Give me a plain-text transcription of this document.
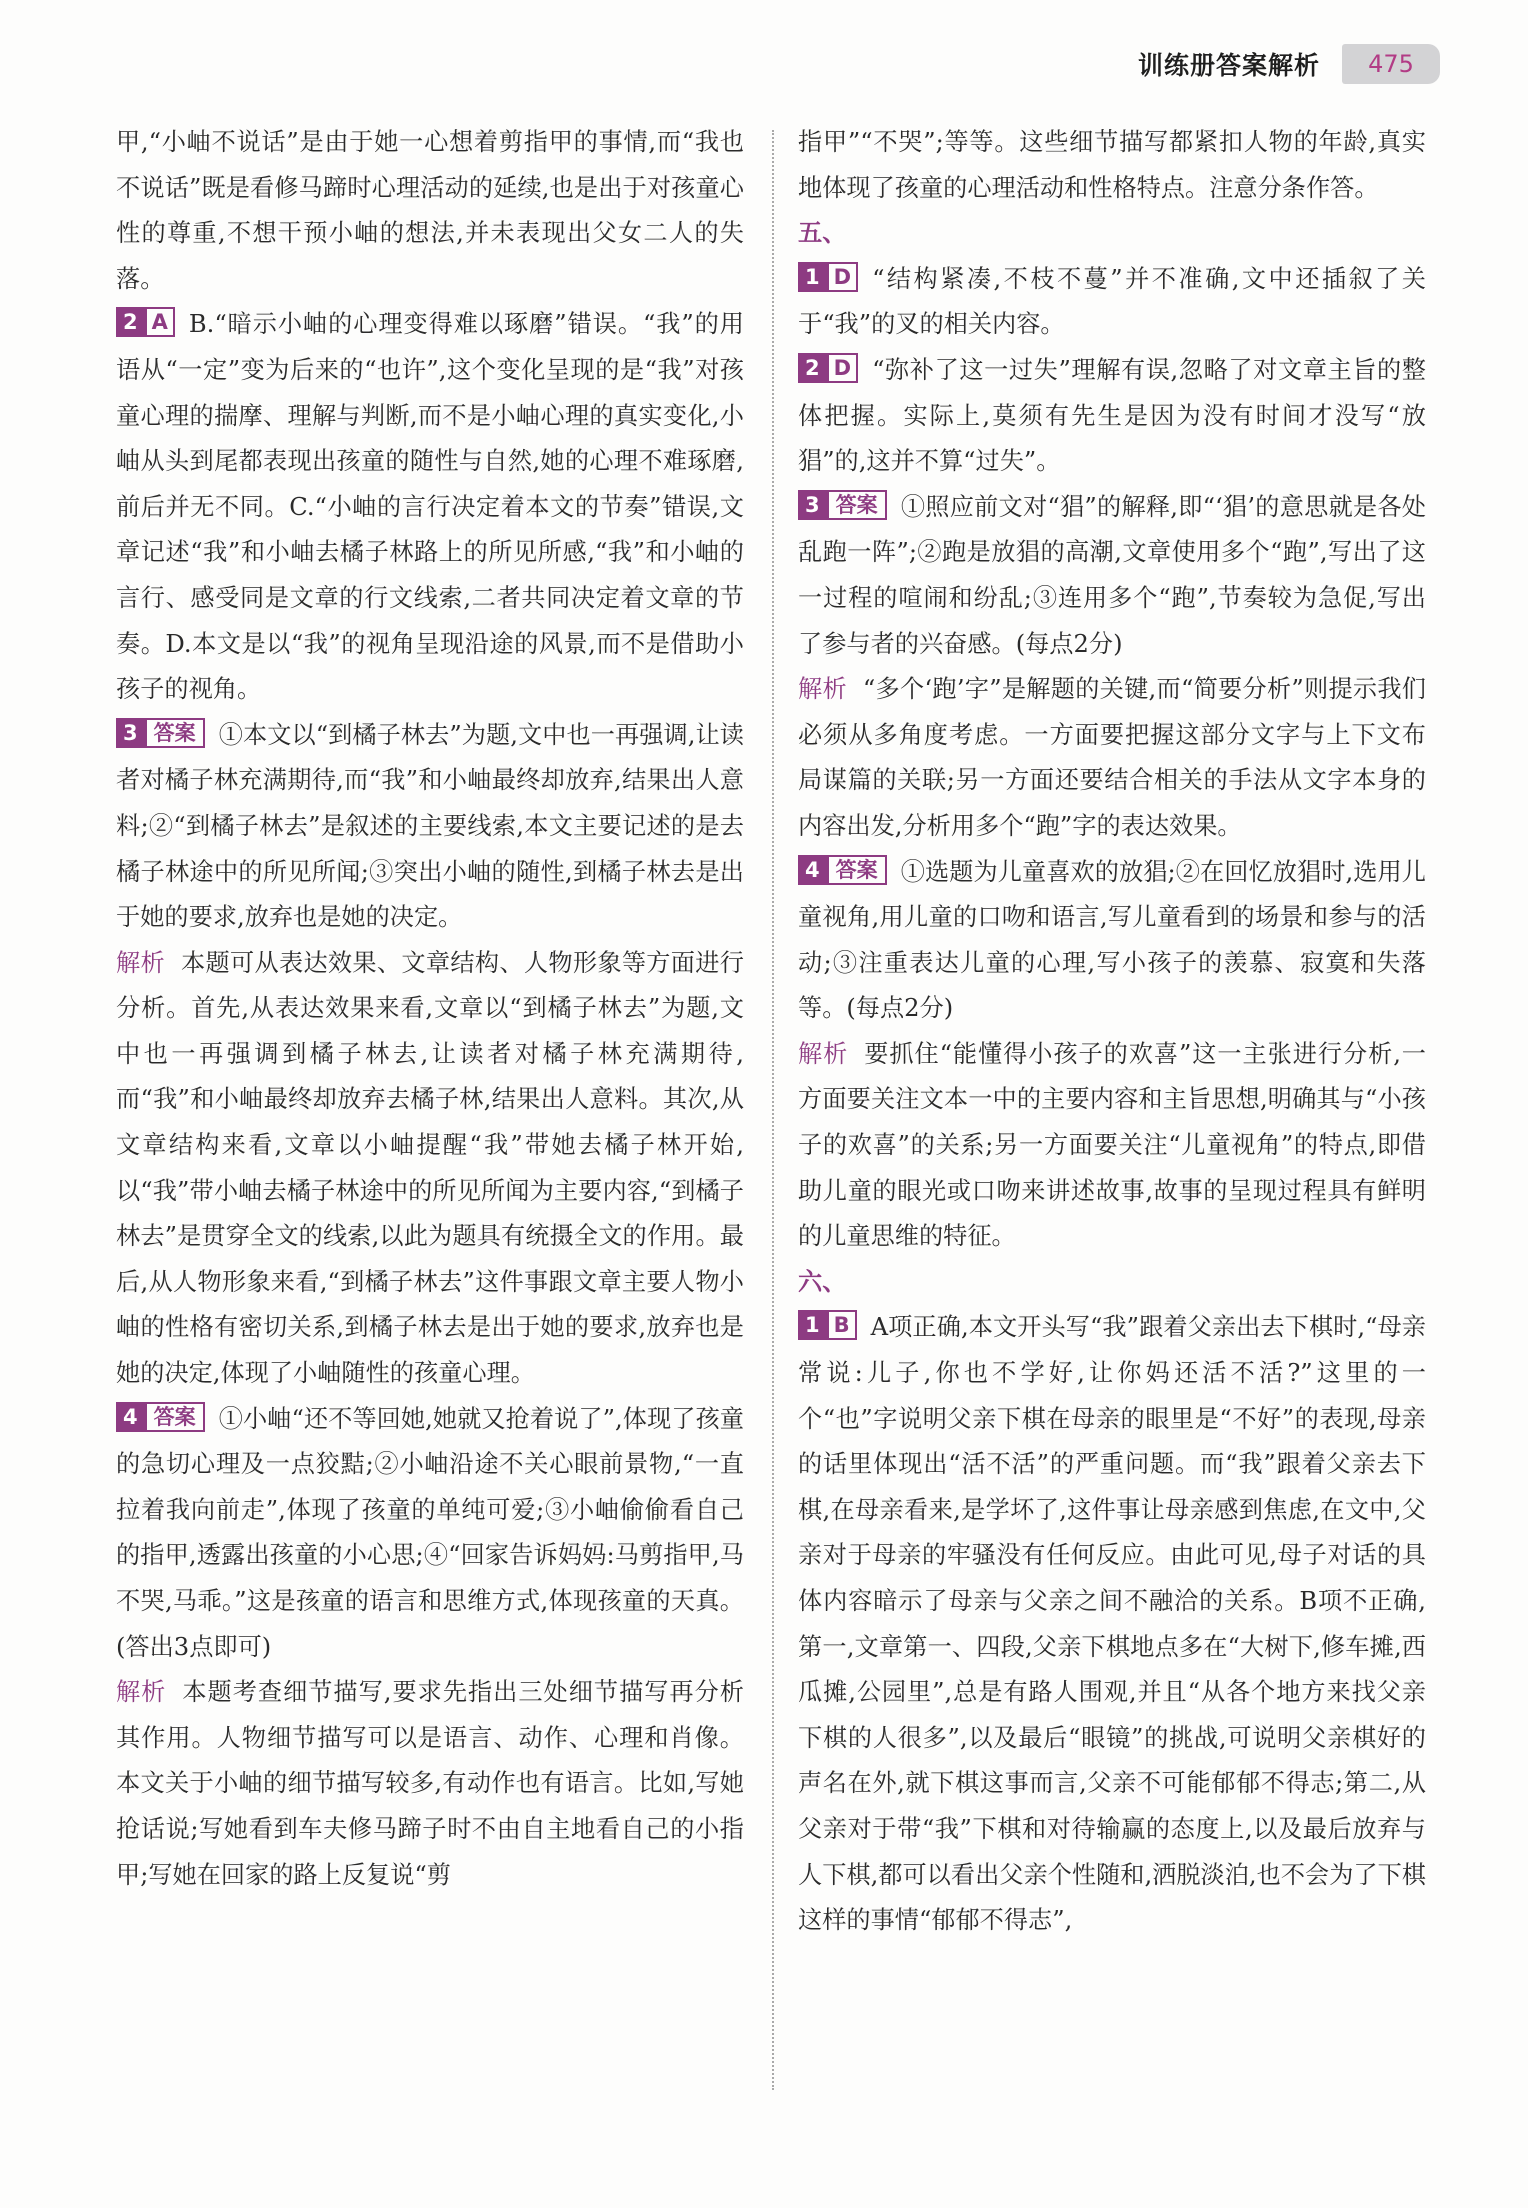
训练册答案解析	475

甲,“小岫不说话”是由于她一心想着剪指甲的事情,而“我也不说话”既是看修马蹄时心理活动的延续,也是出于对孩童心性的尊重,不想干预小岫的想法,并未表现出父女二人的失落。

2 A B.“暗示小岫的心理变得难以琢磨”错误。“我”的用语从“一定”变为后来的“也许”,这个变化呈现的是“我”对孩童心理的揣摩、理解与判断,而不是小岫心理的真实变化,小岫从头到尾都表现出孩童的随性与自然,她的心理不难琢磨,前后并无不同。C.“小岫的言行决定着本文的节奏”错误,文章记述“我”和小岫去橘子林路上的所见所感,“我”和小岫的言行、感受同是文章的行文线索,二者共同决定着文章的节奏。D.本文是以“我”的视角呈现沿途的风景,而不是借助小孩子的视角。

3 答案 ①本文以“到橘子林去”为题,文中也一再强调,让读者对橘子林充满期待,而“我”和小岫最终却放弃,结果出人意料;②“到橘子林去”是叙述的主要线索,本文主要记述的是去橘子林途中的所见所闻;③突出小岫的随性,到橘子林去是出于她的要求,放弃也是她的决定。

解析 本题可从表达效果、文章结构、人物形象等方面进行分析。首先,从表达效果来看,文章以“到橘子林去”为题,文中也一再强调到橘子林去,让读者对橘子林充满期待,而“我”和小岫最终却放弃去橘子林,结果出人意料。其次,从文章结构来看,文章以小岫提醒“我”带她去橘子林开始,以“我”带小岫去橘子林途中的所见所闻为主要内容,“到橘子林去”是贯穿全文的线索,以此为题具有统摄全文的作用。最后,从人物形象来看,“到橘子林去”这件事跟文章主要人物小岫的性格有密切关系,到橘子林去是出于她的要求,放弃也是她的决定,体现了小岫随性的孩童心理。

4 答案 ①小岫“还不等回她,她就又抢着说了”,体现了孩童的急切心理及一点狡黠;②小岫沿途不关心眼前景物,“一直拉着我向前走”,体现了孩童的单纯可爱;③小岫偷偷看自己的指甲,透露出孩童的小心思;④“回家告诉妈妈:马剪指甲,马不哭,马乖。”这是孩童的语言和思维方式,体现孩童的天真。(答出3点即可)

解析 本题考查细节描写,要求先指出三处细节描写再分析其作用。人物细节描写可以是语言、动作、心理和肖像。本文关于小岫的细节描写较多,有动作也有语言。比如,写她抢话说;写她看到车夫修马蹄子时不由自主地看自己的小指甲;写她在回家的路上反复说“剪

指甲”“不哭”;等等。这些细节描写都紧扣人物的年龄,真实地体现了孩童的心理活动和性格特点。注意分条作答。

五、

1 D “结构紧凑,不枝不蔓”并不准确,文中还插叙了关于“我”的叉的相关内容。

2 D “弥补了这一过失”理解有误,忽略了对文章主旨的整体把握。实际上,莫须有先生是因为没有时间才没写“放猖”的,这并不算“过失”。

3 答案 ①照应前文对“猖”的解释,即“‘猖’的意思就是各处乱跑一阵”;②跑是放猖的高潮,文章使用多个“跑”,写出了这一过程的喧闹和纷乱;③连用多个“跑”,节奏较为急促,写出了参与者的兴奋感。(每点2分)

解析 “多个‘跑’字”是解题的关键,而“简要分析”则提示我们必须从多角度考虑。一方面要把握这部分文字与上下文布局谋篇的关联;另一方面还要结合相关的手法从文字本身的内容出发,分析用多个“跑”字的表达效果。

4 答案 ①选题为儿童喜欢的放猖;②在回忆放猖时,选用儿童视角,用儿童的口吻和语言,写儿童看到的场景和参与的活动;③注重表达儿童的心理,写小孩子的羡慕、寂寞和失落等。(每点2分)

解析 要抓住“能懂得小孩子的欢喜”这一主张进行分析,一方面要关注文本一中的主要内容和主旨思想,明确其与“小孩子的欢喜”的关系;另一方面要关注“儿童视角”的特点,即借助儿童的眼光或口吻来讲述故事,故事的呈现过程具有鲜明的儿童思维的特征。

六、

1 B A项正确,本文开头写“我”跟着父亲出去下棋时,“母亲常说:儿子,你也不学好,让你妈还活不活?”这里的一个“也”字说明父亲下棋在母亲的眼里是“不好”的表现,母亲的话里体现出“活不活”的严重问题。而“我”跟着父亲去下棋,在母亲看来,是学坏了,这件事让母亲感到焦虑,在文中,父亲对于母亲的牢骚没有任何反应。由此可见,母子对话的具体内容暗示了母亲与父亲之间不融洽的关系。B项不正确,第一,文章第一、四段,父亲下棋地点多在“大树下,修车摊,西瓜摊,公园里”,总是有路人围观,并且“从各个地方来找父亲下棋的人很多”,以及最后“眼镜”的挑战,可说明父亲棋好的声名在外,就下棋这事而言,父亲不可能郁郁不得志;第二,从父亲对于带“我”下棋和对待输赢的态度上,以及最后放弃与人下棋,都可以看出父亲个性随和,洒脱淡泊,也不会为了下棋这样的事情“郁郁不得志”,
